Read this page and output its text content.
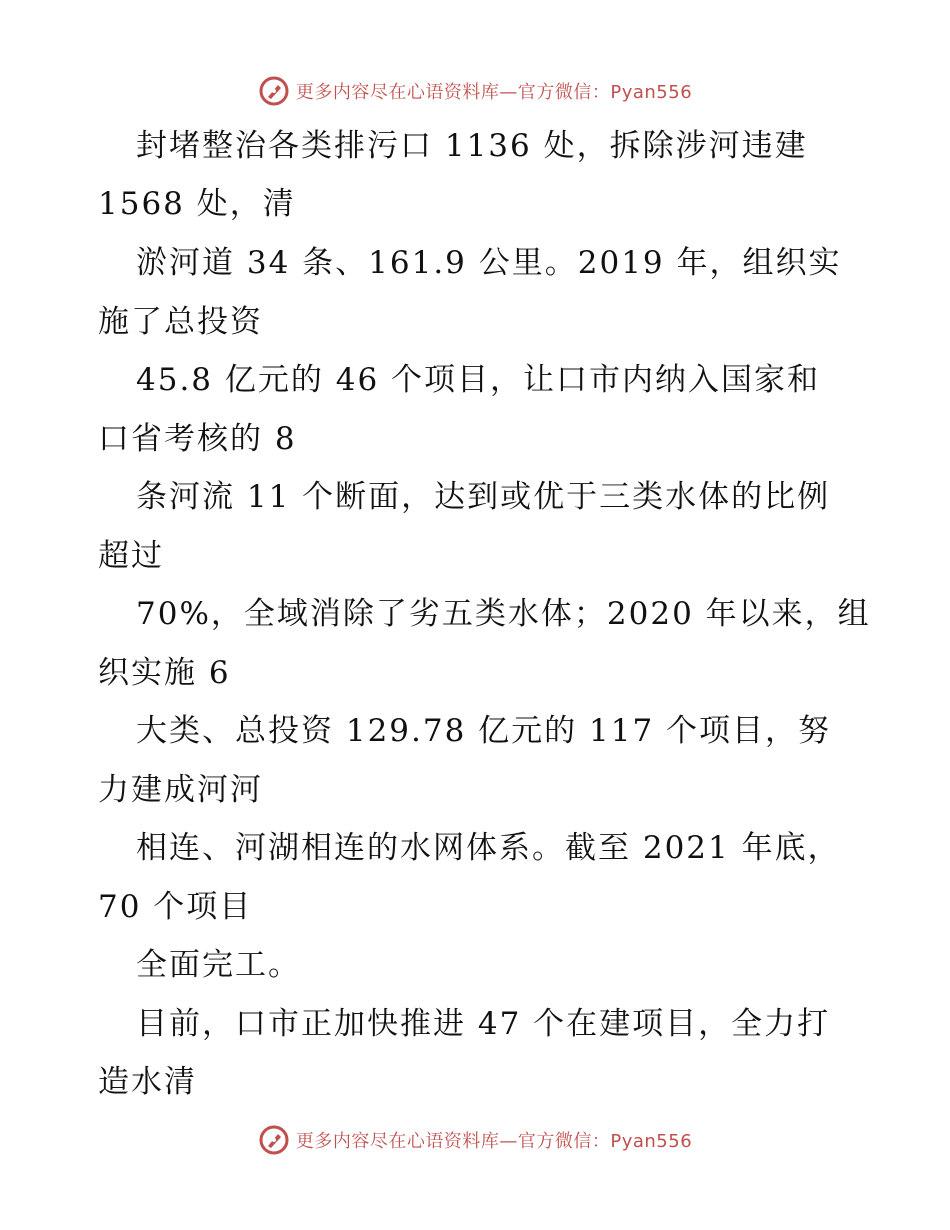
更多内容尽在心语资料库—官方微信：Pyan556
封堵整治各类排污口 1136 处，拆除涉河违建
1568 处，清
淤河道 34 条、161.9 公里。2019 年，组织实
施了总投资
45.8 亿元的 46 个项目，让口市内纳入国家和
口省考核的 8
条河流 11 个断面，达到或优于三类水体的比例
超过
70%，全域消除了劣五类水体；2020 年以来，组
织实施 6
大类、总投资 129.78 亿元的 117 个项目，努
力建成河河
相连、河湖相连的水网体系。截至 2021 年底，
70 个项目
全面完工。
目前，口市正加快推进 47 个在建项目，全力打
造水清
更多内容尽在心语资料库—官方微信：Pyan556
